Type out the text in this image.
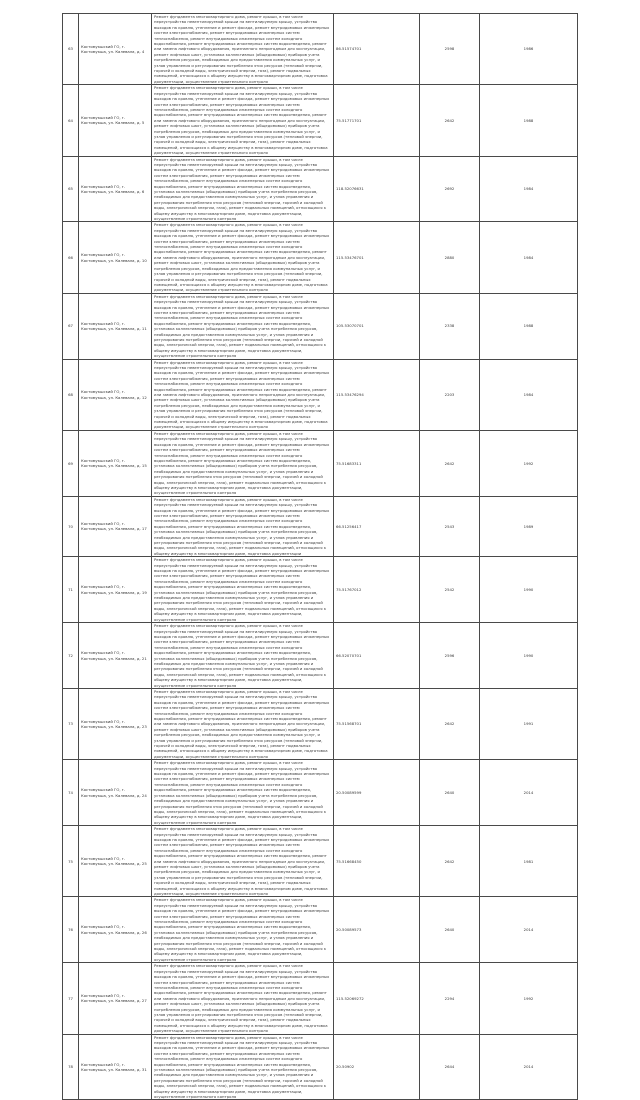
63	Костомукшский ГО, г. Костомукша, ул. Калевала, д. 4	Ремонт фундамента многоквартирного дома, ремонт крыши, в том числе переустройство невентилируемой крыши на вентилируемую крышу, устройство выходов на кровлю, утепление и ремонт фасада, ремонт внутридомовых инженерных систем электроснабжения, ремонт внутридомовых инженерных систем теплоснабжения, ремонт внутридомовых инженерных систем холодного водоснабжения, ремонт внутридомовых инженерных систем водоотведения, ремонт или замена лифтового оборудования, признанного непригодным для эксплуатации, ремонт лифтовых шахт, установка коллективных (общедомовых) приборов учета потребления ресурсов, необходимых для предоставления коммунальных услуг, и узлов управления и регулирования потребления этих ресурсов (тепловой энергии, горячей и холодной воды, электрической энергии, газа), ремонт подвальных помещений, относящихся к общему имуществу в многоквартирном доме, подготовка документации, осуществление строительного контроля	86.51574701	2598	1986
64	Костомукшский ГО, г. Костомукша, ул. Калевала, д. 5	Ремонт фундамента многоквартирного дома, ремонт крыши, в том числе переустройство невентилируемой крыши на вентилируемую крышу, устройство выходов на кровлю, утепление и ремонт фасада, ремонт внутридомовых инженерных систем электроснабжения, ремонт внутридомовых инженерных систем теплоснабжения, ремонт внутридомовых инженерных систем холодного водоснабжения, ремонт внутридомовых инженерных систем водоотведения, ремонт или замена лифтового оборудования, признанного непригодным для эксплуатации, ремонт лифтовых шахт, установка коллективных (общедомовых) приборов учета потребления ресурсов, необходимых для предоставления коммунальных услуг, и узлов управления и регулирования потребления этих ресурсов (тепловой энергии, горячей и холодной воды, электрической энергии, газа), ремонт подвальных помещений, относящихся к общему имуществу в многоквартирном доме, подготовка документации, осуществление строительного контроля	75.51771701	2642	1988
65	Костомукшский ГО, г. Костомукша, ул. Калевала, д. 6	Ремонт фундамента многоквартирного дома, ремонт крыши, в том числе переустройство невентилируемой крыши на вентилируемую крышу, устройство выходов на кровлю, утепление и ремонт фасада, ремонт внутридомовых инженерных систем электроснабжения, ремонт внутридомовых инженерных систем теплоснабжения, ремонт внутридомовых инженерных систем холодного водоснабжения, ремонт внутридомовых инженерных систем водоотведения, установка коллективных (общедомовых) приборов учета потребления ресурсов, необходимых для предоставления коммунальных услуг, и узлов управления и регулирования потребления этих ресурсов (тепловой энергии, горячей и холодной воды, электрической энергии, газа), ремонт подвальных помещений, относящихся к общему имуществу в многоквартирном доме, подготовка документации, осуществление строительного контроля	118.52076631	2692	1984
66	Костомукшский ГО, г. Костомукша, ул. Калевала, д. 10	Ремонт фундамента многоквартирного дома, ремонт крыши, в том числе переустройство невентилируемой крыши на вентилируемую крышу, устройство выходов на кровлю, утепление и ремонт фасада, ремонт внутридомовых инженерных систем электроснабжения, ремонт внутридомовых инженерных систем теплоснабжения, ремонт внутридомовых инженерных систем холодного водоснабжения, ремонт внутридомовых инженерных систем водоотведения, ремонт или замена лифтового оборудования, признанного непригодным для эксплуатации, ремонт лифтовых шахт, установка коллективных (общедомовых) приборов учета потребления ресурсов, необходимых для предоставления коммунальных услуг, и узлов управления и регулирования потребления этих ресурсов (тепловой энергии, горячей и холодной воды, электрической энергии, газа), ремонт подвальных помещений, относящихся к общему имуществу в многоквартирном доме, подготовка документации, осуществление строительного контроля	115.53476701	2880	1984
67	Костомукшский ГО, г. Костомукша, ул. Калевала, д. 11	Ремонт фундамента многоквартирного дома, ремонт крыши, в том числе переустройство невентилируемой крыши на вентилируемую крышу, устройство выходов на кровлю, утепление и ремонт фасада, ремонт внутридомовых инженерных систем электроснабжения, ремонт внутридомовых инженерных систем теплоснабжения, ремонт внутридомовых инженерных систем холодного водоснабжения, ремонт внутридомовых инженерных систем водоотведения, установка коллективных (общедомовых) приборов учета потребления ресурсов, необходимых для предоставления коммунальных услуг, и узлов управления и регулирования потребления этих ресурсов (тепловой энергии, горячей и холодной воды, электрической энергии, газа), ремонт подвальных помещений, относящихся к общему имуществу в многоквартирном доме, подготовка документации, осуществление строительного контроля	105.53070701	2338	1988
68	Костомукшский ГО, г. Костомукша, ул. Калевала, д. 12	Ремонт фундамента многоквартирного дома, ремонт крыши, в том числе переустройство невентилируемой крыши на вентилируемую крышу, устройство выходов на кровлю, утепление и ремонт фасада, ремонт внутридомовых инженерных систем электроснабжения, ремонт внутридомовых инженерных систем теплоснабжения, ремонт внутридомовых инженерных систем холодного водоснабжения, ремонт внутридомовых инженерных систем водоотведения, ремонт или замена лифтового оборудования, признанного непригодным для эксплуатации, ремонт лифтовых шахт, установка коллективных (общедомовых) приборов учета потребления ресурсов, необходимых для предоставления коммунальных услуг, и узлов управления и регулирования потребления этих ресурсов (тепловой энергии, горячей и холодной воды, электрической энергии, газа), ремонт подвальных помещений, относящихся к общему имуществу в многоквартирном доме, подготовка документации, осуществление строительного контроля	115.53476294	2203	1984
69	Костомукшский ГО, г. Костомукша, ул. Калевала, д. 15	Ремонт фундамента многоквартирного дома, ремонт крыши, в том числе переустройство невентилируемой крыши на вентилируемую крышу, устройство выходов на кровлю, утепление и ремонт фасада, ремонт внутридомовых инженерных систем электроснабжения, ремонт внутридомовых инженерных систем теплоснабжения, ремонт внутридомовых инженерных систем холодного водоснабжения, ремонт внутридомовых инженерных систем водоотведения, установка коллективных (общедомовых) приборов учета потребления ресурсов, необходимых для предоставления коммунальных услуг, и узлов управления и регулирования потребления этих ресурсов (тепловой энергии, горячей и холодной воды, электрической энергии, газа), ремонт подвальных помещений, относящихся к общему имуществу в многоквартирном доме, подготовка документации, осуществление строительного контроля	75.51683311	2642	1992
70	Костомукшский ГО, г. Костомукша, ул. Калевала, д. 17	Ремонт фундамента многоквартирного дома, ремонт крыши, в том числе переустройство невентилируемой крыши на вентилируемую крышу, устройство выходов на кровлю, утепление и ремонт фасада, ремонт внутридомовых инженерных систем электроснабжения, ремонт внутридомовых инженерных систем теплоснабжения, ремонт внутридомовых инженерных систем холодного водоснабжения, ремонт внутридомовых инженерных систем водоотведения, установка коллективных (общедомовых) приборов учета потребления ресурсов, необходимых для предоставления коммунальных услуг, и узлов управления и регулирования потребления этих ресурсов (тепловой энергии, горячей и холодной воды, электрической энергии, газа), ремонт подвальных помещений, относящихся к общему имуществу в многоквартирном доме, подготовка документации	66.51256417	2543	1989
71	Костомукшский ГО, г. Костомукша, ул. Калевала, д. 19	Ремонт фундамента многоквартирного дома, ремонт крыши, в том числе переустройство невентилируемой крыши на вентилируемую крышу, устройство выходов на кровлю, утепление и ремонт фасада, ремонт внутридомовых инженерных систем электроснабжения, ремонт внутридомовых инженерных систем теплоснабжения, ремонт внутридомовых инженерных систем холодного водоснабжения, ремонт внутридомовых инженерных систем водоотведения, установка коллективных (общедомовых) приборов учета потребления ресурсов, необходимых для предоставления коммунальных услуг, и узлов управления и регулирования потребления этих ресурсов (тепловой энергии, горячей и холодной воды, электрической энергии, газа), ремонт подвальных помещений, относящихся к общему имуществу в многоквартирном доме, подготовка документации, осуществление строительного контроля	75.51767012	2542	1990
72	Костомукшский ГО, г. Костомукша, ул. Калевала, д. 21	Ремонт фундамента многоквартирного дома, ремонт крыши, в том числе переустройство невентилируемой крыши на вентилируемую крышу, устройство выходов на кровлю, утепление и ремонт фасада, ремонт внутридомовых инженерных систем электроснабжения, ремонт внутридомовых инженерных систем теплоснабжения, ремонт внутридомовых инженерных систем холодного водоснабжения, ремонт внутридомовых инженерных систем водоотведения, установка коллективных (общедомовых) приборов учета потребления ресурсов, необходимых для предоставления коммунальных услуг, и узлов управления и регулирования потребления этих ресурсов (тепловой энергии, горячей и холодной воды, электрической энергии, газа), ремонт подвальных помещений, относящихся к общему имуществу в многоквартирном доме, подготовка документации, осуществление строительного контроля	66.52070701	2596	1990
73	Костомукшский ГО, г. Костомукша, ул. Калевала, д. 23	Ремонт фундамента многоквартирного дома, ремонт крыши, в том числе переустройство невентилируемой крыши на вентилируемую крышу, устройство выходов на кровлю, утепление и ремонт фасада, ремонт внутридомовых инженерных систем электроснабжения, ремонт внутридомовых инженерных систем теплоснабжения, ремонт внутридомовых инженерных систем холодного водоснабжения, ремонт внутридомовых инженерных систем водоотведения, ремонт или замена лифтового оборудования, признанного непригодным для эксплуатации, ремонт лифтовых шахт, установка коллективных (общедомовых) приборов учета потребления ресурсов, необходимых для предоставления коммунальных услуг, и узлов управления и регулирования потребления этих ресурсов (тепловой энергии, горячей и холодной воды, электрической энергии, газа), ремонт подвальных помещений, относящихся к общему имуществу в многоквартирном доме, подготовка документации, осуществление строительного контроля	75.51568701	2642	1991
74	Костомукшский ГО, г. Костомукша, ул. Калевала, д. 24	Ремонт фундамента многоквартирного дома, ремонт крыши, в том числе переустройство невентилируемой крыши на вентилируемую крышу, устройство выходов на кровлю, утепление и ремонт фасада, ремонт внутридомовых инженерных систем электроснабжения, ремонт внутридомовых инженерных систем теплоснабжения, ремонт внутридомовых инженерных систем холодного водоснабжения, ремонт внутридомовых инженерных систем водоотведения, установка коллективных (общедомовых) приборов учета потребления ресурсов, необходимых для предоставления коммунальных услуг, и узлов управления и регулирования потребления этих ресурсов (тепловой энергии, горячей и холодной воды, электрической энергии, газа), ремонт подвальных помещений, относящихся к общему имуществу в многоквартирном доме, подготовка документации, осуществление строительного контроля	20.50089599	2640	2014
75	Костомукшский ГО, г. Костомукша, ул. Калевала, д. 25	Ремонт фундамента многоквартирного дома, ремонт крыши, в том числе переустройство невентилируемой крыши на вентилируемую крышу, устройство выходов на кровлю, утепление и ремонт фасада, ремонт внутридомовых инженерных систем электроснабжения, ремонт внутридомовых инженерных систем теплоснабжения, ремонт внутридомовых инженерных систем холодного водоснабжения, ремонт внутридомовых инженерных систем водоотведения, ремонт или замена лифтового оборудования, признанного непригодным для эксплуатации, ремонт лифтовых шахт, установка коллективных (общедомовых) приборов учета потребления ресурсов, необходимых для предоставления коммунальных услуг, и узлов управления и регулирования потребления этих ресурсов (тепловой энергии, горячей и холодной воды, электрической энергии, газа), ремонт подвальных помещений, относящихся к общему имуществу в многоквартирном доме, подготовка документации, осуществление строительного контроля	75.51668450	2642	1981
76	Костомукшский ГО, г. Костомукша, ул. Калевала, д. 26	Ремонт фундамента многоквартирного дома, ремонт крыши, в том числе переустройство невентилируемой крыши на вентилируемую крышу, устройство выходов на кровлю, утепление и ремонт фасада, ремонт внутридомовых инженерных систем электроснабжения, ремонт внутридомовых инженерных систем теплоснабжения, ремонт внутридомовых инженерных систем холодного водоснабжения, ремонт внутридомовых инженерных систем водоотведения, установка коллективных (общедомовых) приборов учета потребления ресурсов, необходимых для предоставления коммунальных услуг, и узлов управления и регулирования потребления этих ресурсов (тепловой энергии, горячей и холодной воды, электрической энергии, газа), ремонт подвальных помещений, относящихся к общему имуществу в многоквартирном доме, подготовка документации, осуществление строительного контроля	20.50089573	2640	2014
77	Костомукшский ГО, г. Костомукша, ул. Калевала, д. 27	Ремонт фундамента многоквартирного дома, ремонт крыши, в том числе переустройство невентилируемой крыши на вентилируемую крышу, устройство выходов на кровлю, утепление и ремонт фасада, ремонт внутридомовых инженерных систем электроснабжения, ремонт внутридомовых инженерных систем теплоснабжения, ремонт внутридомовых инженерных систем холодного водоснабжения, ремонт внутридомовых инженерных систем водоотведения, ремонт или замена лифтового оборудования, признанного непригодным для эксплуатации, ремонт лифтовых шахт, установка коллективных (общедомовых) приборов учета потребления ресурсов, необходимых для предоставления коммунальных услуг, и узлов управления и регулирования потребления этих ресурсов (тепловой энергии, горячей и холодной воды, электрической энергии, газа), ремонт подвальных помещений, относящихся к общему имуществу в многоквартирном доме, подготовка документации, осуществление строительного контроля	115.52069272	2294	1992
78	Костомукшский ГО, г. Костомукша, ул. Калевала, д. 31	Ремонт фундамента многоквартирного дома, ремонт крыши, в том числе переустройство невентилируемой крыши на вентилируемую крышу, устройство выходов на кровлю, утепление и ремонт фасада, ремонт внутридомовых инженерных систем электроснабжения, ремонт внутридомовых инженерных систем теплоснабжения, ремонт внутридомовых инженерных систем холодного водоснабжения, ремонт внутридомовых инженерных систем водоотведения, установка коллективных (общедомовых) приборов учета потребления ресурсов, необходимых для предоставления коммунальных услуг, и узлов управления и регулирования потребления этих ресурсов (тепловой энергии, горячей и холодной воды, электрической энергии, газа), ремонт подвальных помещений, относящихся к общему имуществу в многоквартирном доме, подготовка документации, осуществление строительного контроля	20.50902	2644	2014
